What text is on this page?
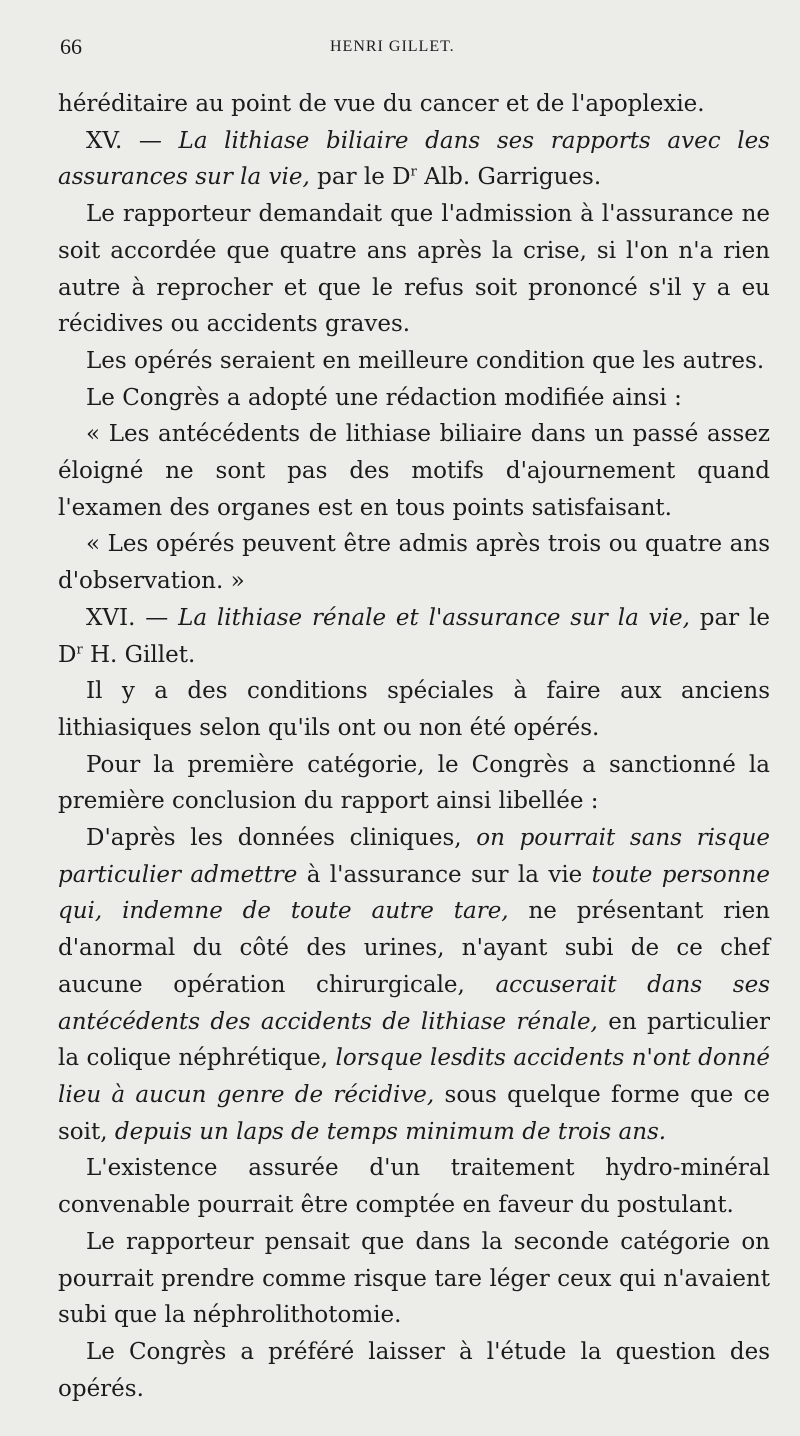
66	HENRI GILLET.

héréditaire au point de vue du cancer et de l'apoplexie.

XV. — La lithiase biliaire dans ses rapports avec les assurances sur la vie, par le $D^r$ Alb. Garrigues.

Le rapporteur demandait que l'admission à l'assurance ne soit accordée que quatre ans après la crise, si l'on n'a rien autre à reprocher et que le refus soit prononcé s'il y a eu récidives ou accidents graves.

Les opérés seraient en meilleure condition que les autres.

Le Congrès a adopté une rédaction modifiée ainsi :

« Les antécédents de lithiase biliaire dans un passé assez éloigné ne sont pas des motifs d'ajournement quand l'examen des organes est en tous points satisfaisant.

« Les opérés peuvent être admis après trois ou quatre ans d'observation. »

XVI. — La lithiase rénale et l'assurance sur la vie, par le $D^r$ H. Gillet.

Il y a des conditions spéciales à faire aux anciens lithiasiques selon qu'ils ont ou non été opérés.

Pour la première catégorie, le Congrès a sanctionné la première conclusion du rapport ainsi libellée :

D'après les données cliniques, on pourrait sans risque particulier admettre à l'assurance sur la vie toute personne qui, indemne de toute autre tare, ne présentant rien d'anormal du côté des urines, n'ayant subi de ce chef aucune opération chirurgicale, accuserait dans ses antécédents des accidents de lithiase rénale, en particulier la colique néphrétique, lorsque lesdits accidents n'ont donné lieu à aucun genre de récidive, sous quelque forme que ce soit, depuis un laps de temps minimum de trois ans.

L'existence assurée d'un traitement hydro-minéral convenable pourrait être comptée en faveur du postulant.

Le rapporteur pensait que dans la seconde catégorie on pourrait prendre comme risque tare léger ceux qui n'avaient subi que la néphrolithotomie.

Le Congrès a préféré laisser à l'étude la question des opérés.
